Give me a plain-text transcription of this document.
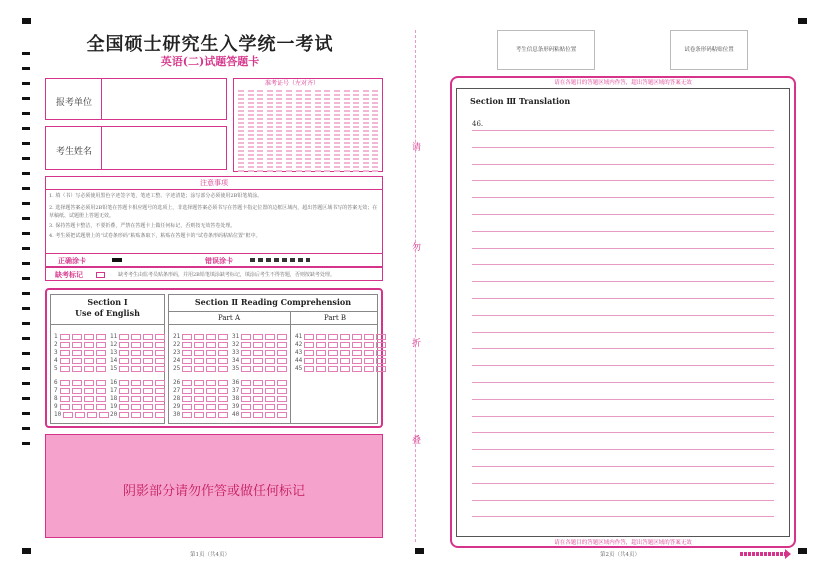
全国硕士研究生入学统一考试
英语(二)试题答题卡
报考单位
考生姓名
准考证号（左对齐）
注意事项
1. 填（书）写必须使用黑色字迹签字笔，笔迹工整、字迹清楚；涂写部分必须使用2B铅笔填涂。
2. 选择题答案必须用2B铅笔在答题卡相应题号的选项上，非选择题答案必须书写在答题卡指定位置的边框区域内，超出答题区域书写的答案无效；在草稿纸、试题册上答题无效。
3. 保持答题卡整洁，不要折叠，严禁在答题卡上做任何标记，否则按无效答卷处理。
4. 考生须把试题册上的“试卷条形码”粘贴条取下，粘贴在答题卡的“试卷条形码粘贴位置”框中。
正确涂卡	错误涂卡
缺考标记	缺考考生由监考员贴条形码，并用2B铅笔填涂缺考标记，填涂后考生不得答题，否则按缺考处理。
Section Ⅰ
Use of English
Section Ⅱ Reading Comprehension
Part A	Part B
1
2
3
4
5
6
7
8
9
10
11
12
13
14
15
16
17
18
19
20
21
22
23
24
25
26
27
28
29
30
31
32
33
34
35
36
37
38
39
40
41
42
43
44
45
阴影部分请勿作答或做任何标记
请
勿
折
叠
考生信息条形码粘贴位置	试卷条形码粘贴位置
请在各题目的答题区域内作答，超出答题区域的答案无效
Section Ⅲ Translation
46.
请在各题目的答题区域内作答，超出答题区域的答案无效
第1页（共4页）	第2页（共4页）
